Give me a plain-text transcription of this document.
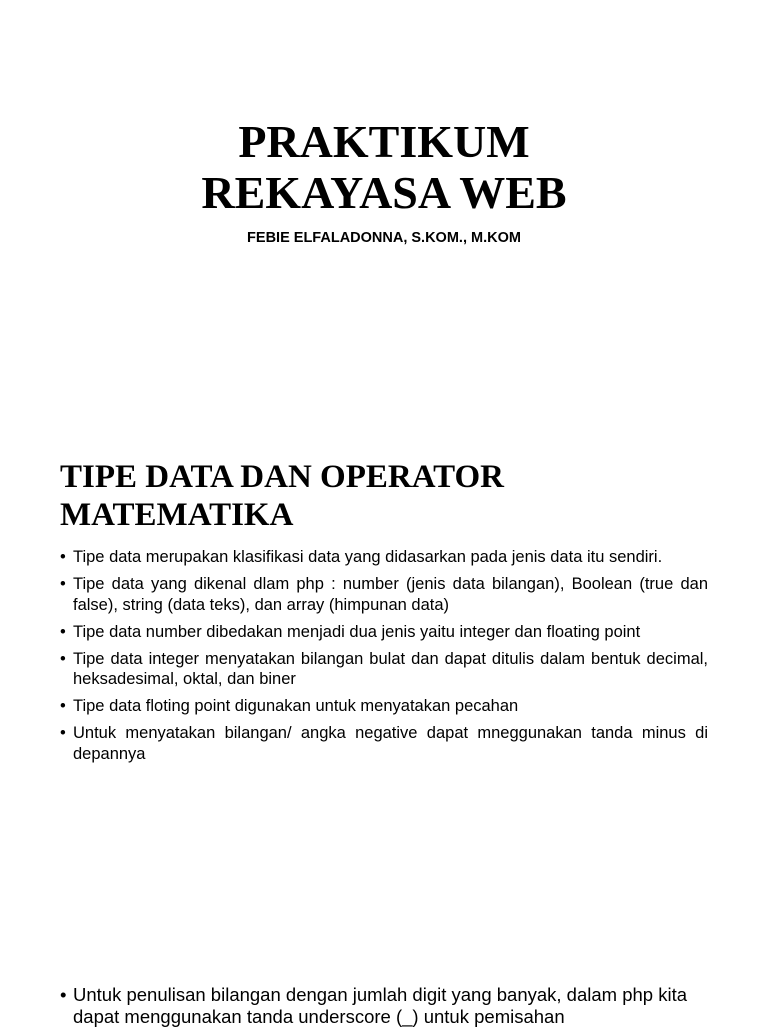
PRAKTIKUM
REKAYASA WEB

FEBIE ELFALADONNA, S.KOM., M.KOM

TIPE DATA DAN OPERATOR
MATEMATIKA
• Tipe data merupakan klasifikasi data yang didasarkan pada jenis data itu sendiri.
• Tipe data yang dikenal dlam php : number (jenis data bilangan), Boolean (true dan false), string (data teks), dan array (himpunan data)
• Tipe data number dibedakan menjadi dua jenis yaitu integer dan floating point
• Tipe data integer menyatakan bilangan bulat dan dapat ditulis dalam bentuk decimal, heksadesimal, oktal, dan biner
• Tipe data floting point digunakan untuk menyatakan pecahan
• Untuk menyatakan bilangan/ angka negative dapat mneggunakan tanda minus di depannya
• Untuk penulisan bilangan dengan jumlah digit yang banyak, dalam php kita dapat menggunakan tanda underscore (_) untuk pemisahan
